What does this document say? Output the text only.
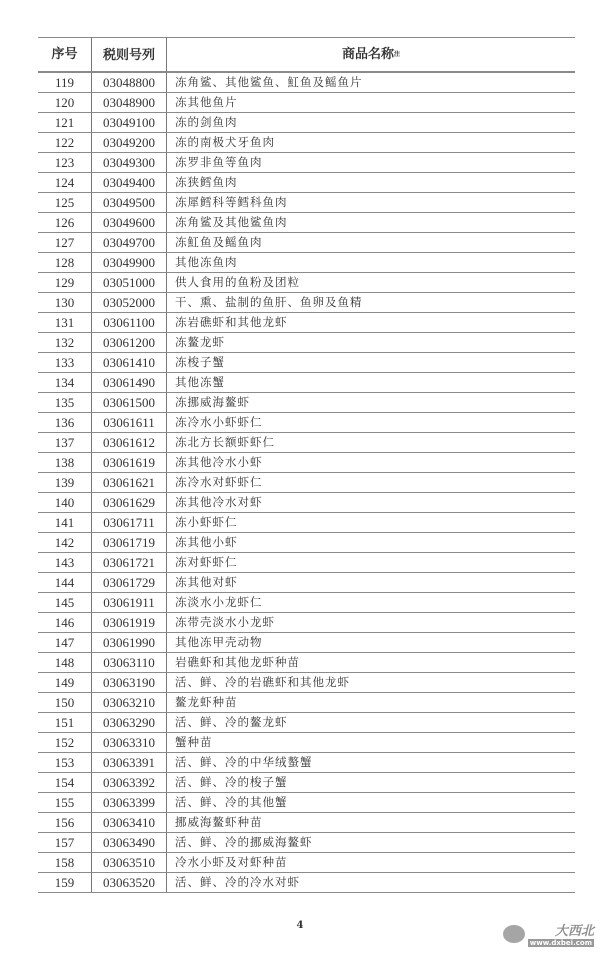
序号	税则号列	商品名称$^注$
119	03048800	冻角鲨、其他鲨鱼、魟鱼及鳐鱼片
120	03048900	冻其他鱼片
121	03049100	冻的剑鱼肉
122	03049200	冻的南极犬牙鱼肉
123	03049300	冻罗非鱼等鱼肉
124	03049400	冻狭鳕鱼肉
125	03049500	冻犀鳕科等鳕科鱼肉
126	03049600	冻角鲨及其他鲨鱼肉
127	03049700	冻魟鱼及鳐鱼肉
128	03049900	其他冻鱼肉
129	03051000	供人食用的鱼粉及团粒
130	03052000	干、熏、盐制的鱼肝、鱼卵及鱼精
131	03061100	冻岩礁虾和其他龙虾
132	03061200	冻鳌龙虾
133	03061410	冻梭子蟹
134	03061490	其他冻蟹
135	03061500	冻挪威海鳌虾
136	03061611	冻冷水小虾虾仁
137	03061612	冻北方长额虾虾仁
138	03061619	冻其他冷水小虾
139	03061621	冻冷水对虾虾仁
140	03061629	冻其他冷水对虾
141	03061711	冻小虾虾仁
142	03061719	冻其他小虾
143	03061721	冻对虾虾仁
144	03061729	冻其他对虾
145	03061911	冻淡水小龙虾仁
146	03061919	冻带壳淡水小龙虾
147	03061990	其他冻甲壳动物
148	03063110	岩礁虾和其他龙虾种苗
149	03063190	活、鲜、冷的岩礁虾和其他龙虾
150	03063210	鳌龙虾种苗
151	03063290	活、鲜、冷的鳌龙虾
152	03063310	蟹种苗
153	03063391	活、鲜、冷的中华绒螯蟹
154	03063392	活、鲜、冷的梭子蟹
155	03063399	活、鲜、冷的其他蟹
156	03063410	挪威海鳌虾种苗
157	03063490	活、鲜、冷的挪威海鳌虾
158	03063510	冷水小虾及对虾种苗
159	03063520	活、鲜、冷的冷水对虾
4	大西北
www.dxbei.com
